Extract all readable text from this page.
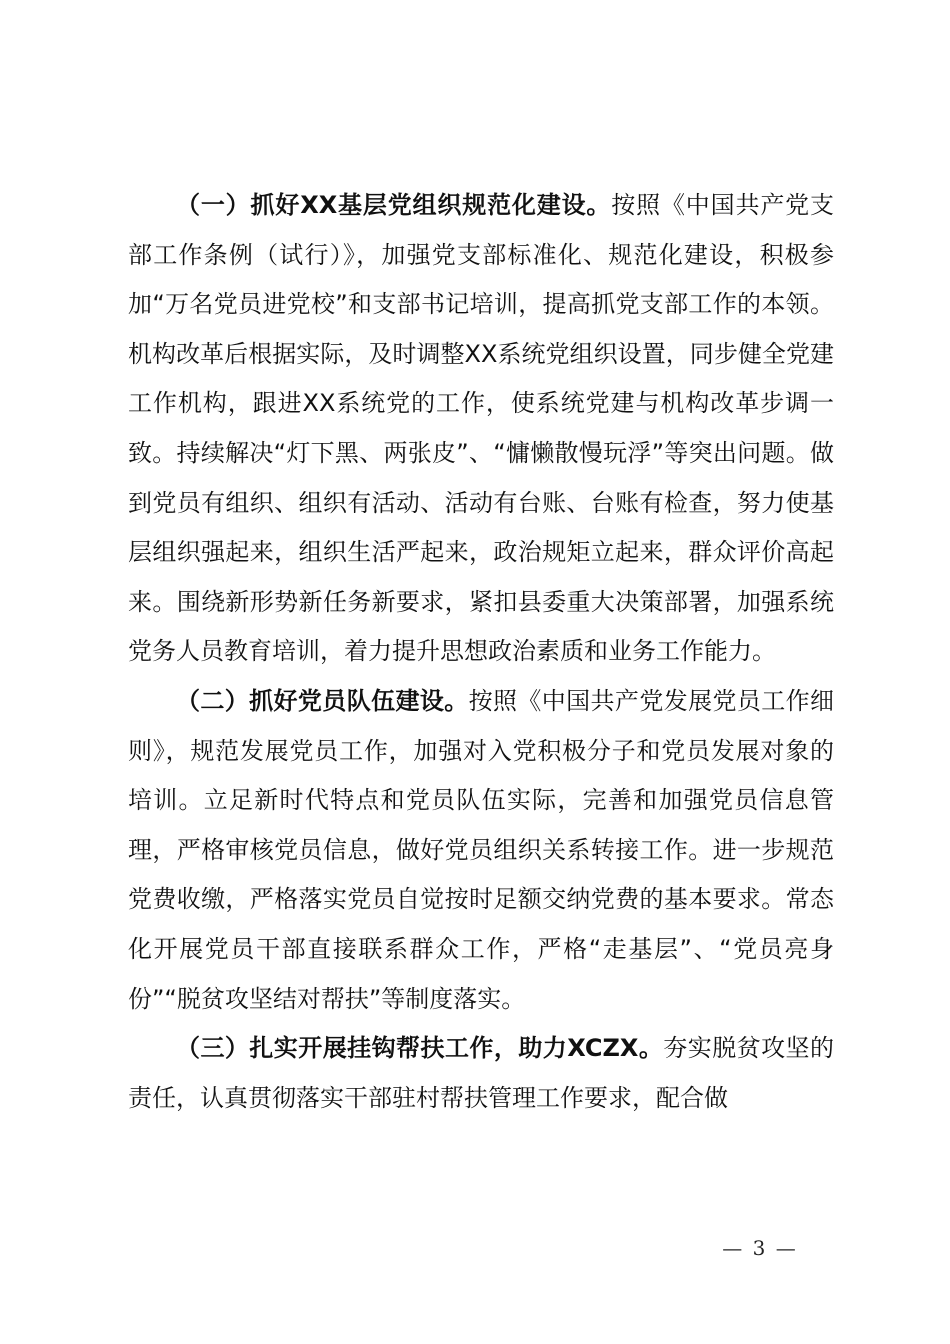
（一）抓好XX基层党组织规范化建设。按照《中国共产党支部工作条例（试行）》，加强党支部标准化、规范化建设，积极参加“万名党员进党校”和支部书记培训，提高抓党支部工作的本领。机构改革后根据实际，及时调整XX系统党组织设置，同步健全党建工作机构，跟进XX系统党的工作，使系统党建与机构改革步调一致。持续解决“灯下黑、两张皮”、“慵懒散慢玩浮”等突出问题。做到党员有组织、组织有活动、活动有台账、台账有检查，努力使基层组织强起来，组织生活严起来，政治规矩立起来，群众评价高起来。围绕新形势新任务新要求，紧扣县委重大决策部署，加强系统党务人员教育培训，着力提升思想政治素质和业务工作能力。

（二）抓好党员队伍建设。按照《中国共产党发展党员工作细则》，规范发展党员工作，加强对入党积极分子和党员发展对象的培训。立足新时代特点和党员队伍实际，完善和加强党员信息管理，严格审核党员信息，做好党员组织关系转接工作。进一步规范党费收缴，严格落实党员自觉按时足额交纳党费的基本要求。常态化开展党员干部直接联系群众工作，严格“走基层”、“党员亮身份”“脱贫攻坚结对帮扶”等制度落实。

（三）扎实开展挂钩帮扶工作，助力XCZX。夯实脱贫攻坚的责任，认真贯彻落实干部驻村帮扶管理工作要求，配合做

— 3 —
